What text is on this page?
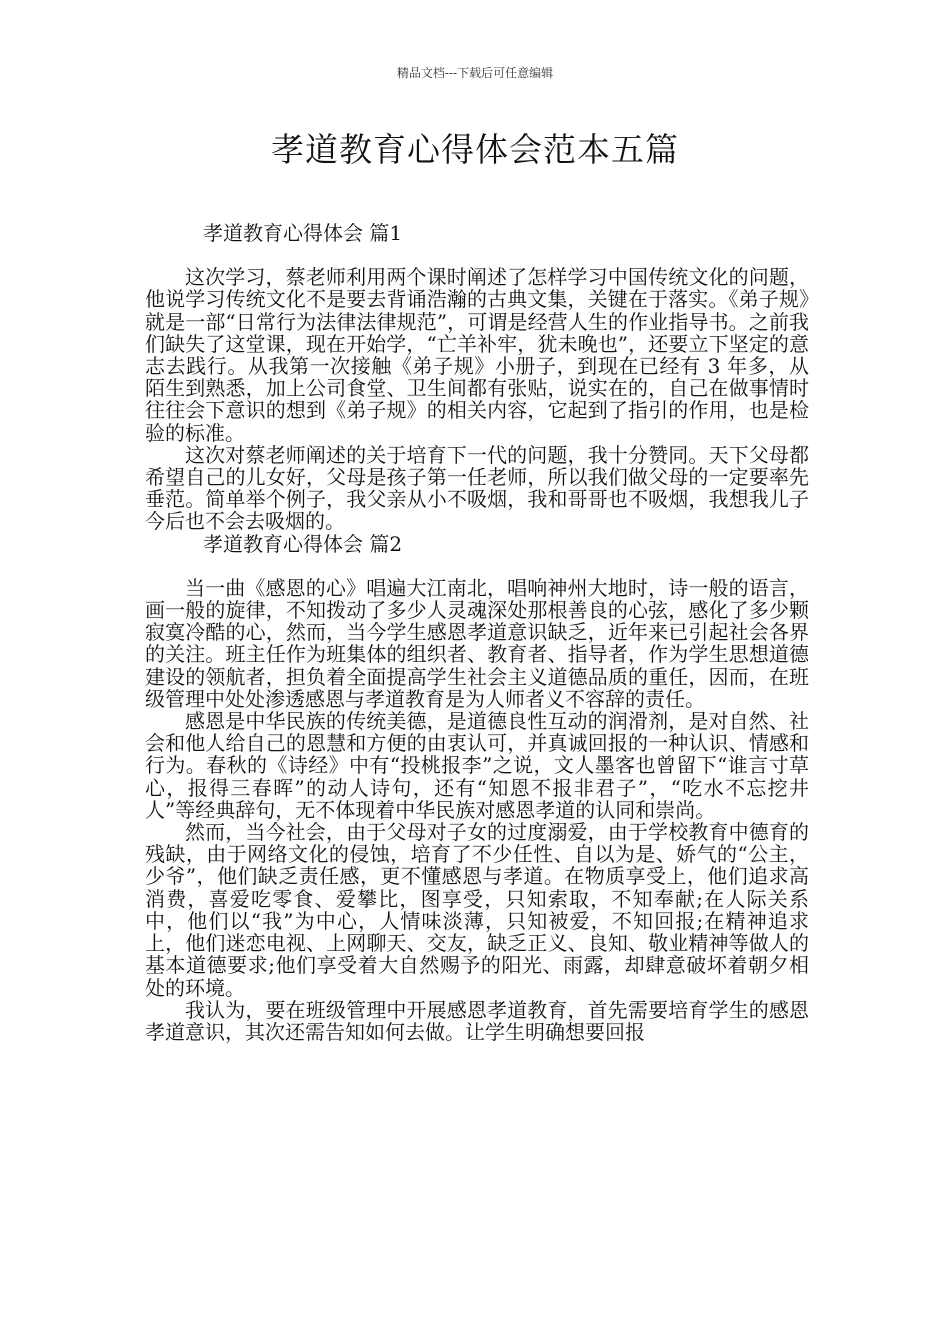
精品文档---下载后可任意编辑
孝道教育心得体会范本五篇

孝道教育心得体会 篇1

这次学习，蔡老师利用两个课时阐述了怎样学习中国传统文化的问题，他说学习传统文化不是要去背诵浩瀚的古典文集，关键在于落实。《弟子规》就是一部“日常行为法律法律规范”，可谓是经营人生的作业指导书。之前我们缺失了这堂课，现在开始学，“亡羊补牢，犹未晚也”，还要立下坚定的意志去践行。从我第一次接触《弟子规》小册子，到现在已经有 3 年多，从陌生到熟悉，加上公司食堂、卫生间都有张贴，说实在的，自己在做事情时往往会下意识的想到《弟子规》的相关内容，它起到了指引的作用，也是检验的标准。

这次对蔡老师阐述的关于培育下一代的问题，我十分赞同。天下父母都希望自己的儿女好，父母是孩子第一任老师，所以我们做父母的一定要率先垂范。简单举个例子，我父亲从小不吸烟，我和哥哥也不吸烟，我想我儿子今后也不会去吸烟的。

孝道教育心得体会 篇2

当一曲《感恩的心》唱遍大江南北，唱响神州大地时，诗一般的语言，画一般的旋律，不知拨动了多少人灵魂深处那根善良的心弦，感化了多少颗寂寞冷酷的心，然而，当今学生感恩孝道意识缺乏，近年来已引起社会各界的关注。班主任作为班集体的组织者、教育者、指导者，作为学生思想道德建设的领航者，担负着全面提高学生社会主义道德品质的重任，因而，在班级管理中处处渗透感恩与孝道教育是为人师者义不容辞的责任。

感恩是中华民族的传统美德，是道德良性互动的润滑剂，是对自然、社会和他人给自己的恩慧和方便的由衷认可，并真诚回报的一种认识、情感和行为。春秋的《诗经》中有“投桃报李”之说，文人墨客也曾留下“谁言寸草心，报得三春晖”的动人诗句，还有“知恩不报非君子”，“吃水不忘挖井人”等经典辞句，无不体现着中华民族对感恩孝道的认同和崇尚。

然而，当今社会，由于父母对子女的过度溺爱，由于学校教育中德育的残缺，由于网络文化的侵蚀，培育了不少任性、自以为是、娇气的“公主，少爷”，他们缺乏责任感，更不懂感恩与孝道。在物质享受上，他们追求高消费，喜爱吃零食、爱攀比，图享受，只知索取，不知奉献;在人际关系中，他们以“我”为中心，人情味淡薄，只知被爱，不知回报;在精神追求上，他们迷恋电视、上网聊天、交友，缺乏正义、良知、敬业精神等做人的基本道德要求;他们享受着大自然赐予的阳光、雨露，却肆意破坏着朝夕相处的环境。

我认为，要在班级管理中开展感恩孝道教育，首先需要培育学生的感恩孝道意识，其次还需告知如何去做。让学生明确想要回报
